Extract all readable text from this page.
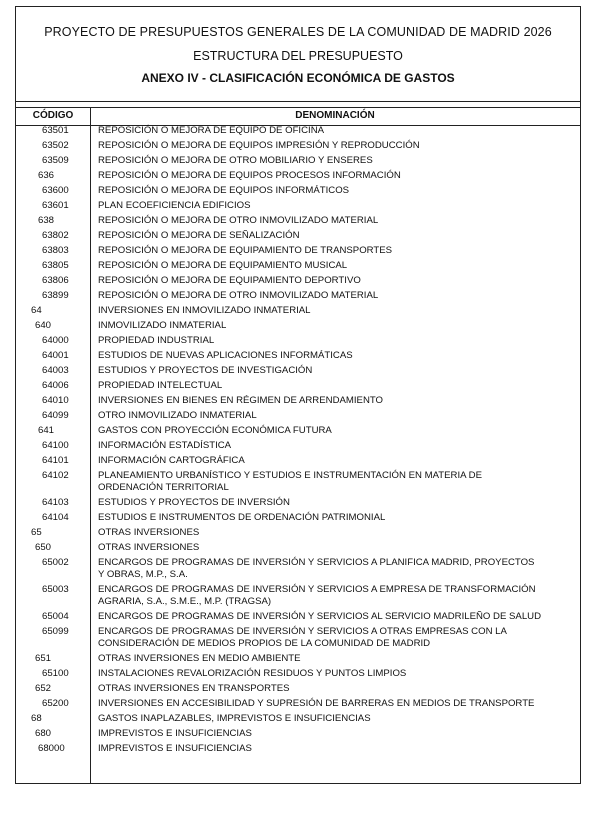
PROYECTO DE PRESUPUESTOS GENERALES DE LA COMUNIDAD DE MADRID 2026
ESTRUCTURA DEL PRESUPUESTO
ANEXO IV - CLASIFICACIÓN ECONÓMICA DE GASTOS
CÓDIGO	DENOMINACIÓN
63501	REPOSICIÓN O MEJORA DE EQUIPO DE OFICINA
63502	REPOSICIÓN O MEJORA DE EQUIPOS IMPRESIÓN Y REPRODUCCIÓN
63509	REPOSICIÓN O MEJORA DE OTRO MOBILIARIO Y ENSERES
636	REPOSICIÓN O MEJORA DE EQUIPOS PROCESOS INFORMACIÓN
63600	REPOSICIÓN O MEJORA DE EQUIPOS INFORMÁTICOS
63601	PLAN ECOEFICIENCIA EDIFICIOS
638	REPOSICIÓN O MEJORA DE OTRO INMOVILIZADO MATERIAL
63802	REPOSICIÓN O MEJORA DE SEÑALIZACIÓN
63803	REPOSICIÓN O MEJORA DE EQUIPAMIENTO DE TRANSPORTES
63805	REPOSICIÓN O MEJORA DE EQUIPAMIENTO MUSICAL
63806	REPOSICIÓN O MEJORA DE EQUIPAMIENTO DEPORTIVO
63899	REPOSICIÓN O MEJORA DE OTRO INMOVILIZADO MATERIAL
64	INVERSIONES EN INMOVILIZADO INMATERIAL
640	INMOVILIZADO INMATERIAL
64000	PROPIEDAD INDUSTRIAL
64001	ESTUDIOS DE NUEVAS APLICACIONES INFORMÁTICAS
64003	ESTUDIOS Y PROYECTOS DE INVESTIGACIÓN
64006	PROPIEDAD INTELECTUAL
64010	INVERSIONES EN BIENES EN RÉGIMEN DE ARRENDAMIENTO
64099	OTRO INMOVILIZADO INMATERIAL
641	GASTOS CON PROYECCIÓN ECONÓMICA FUTURA
64100	INFORMACIÓN ESTADÍSTICA
64101	INFORMACIÓN CARTOGRÁFICA
64102	PLANEAMIENTO URBANÍSTICO Y ESTUDIOS E INSTRUMENTACIÓN EN MATERIA DE ORDENACIÓN TERRITORIAL
64103	ESTUDIOS Y PROYECTOS DE INVERSIÓN
64104	ESTUDIOS E INSTRUMENTOS DE ORDENACIÓN PATRIMONIAL
65	OTRAS INVERSIONES
650	OTRAS INVERSIONES
65002	ENCARGOS DE PROGRAMAS DE INVERSIÓN Y SERVICIOS A PLANIFICA MADRID, PROYECTOS Y OBRAS, M.P., S.A.
65003	ENCARGOS DE PROGRAMAS DE INVERSIÓN Y SERVICIOS A EMPRESA DE TRANSFORMACIÓN AGRARIA, S.A., S.M.E., M.P. (TRAGSA)
65004	ENCARGOS DE PROGRAMAS DE INVERSIÓN Y SERVICIOS AL SERVICIO MADRILEÑO DE SALUD
65099	ENCARGOS DE PROGRAMAS DE INVERSIÓN Y SERVICIOS A OTRAS EMPRESAS CON LA CONSIDERACIÓN DE MEDIOS PROPIOS DE LA COMUNIDAD DE MADRID
651	OTRAS INVERSIONES EN MEDIO AMBIENTE
65100	INSTALACIONES REVALORIZACIÓN RESIDUOS Y PUNTOS LIMPIOS
652	OTRAS INVERSIONES EN TRANSPORTES
65200	INVERSIONES EN ACCESIBILIDAD Y SUPRESIÓN DE BARRERAS EN MEDIOS DE TRANSPORTE
68	GASTOS INAPLAZABLES, IMPREVISTOS E INSUFICIENCIAS
680	IMPREVISTOS E INSUFICIENCIAS
68000	IMPREVISTOS E INSUFICIENCIAS
